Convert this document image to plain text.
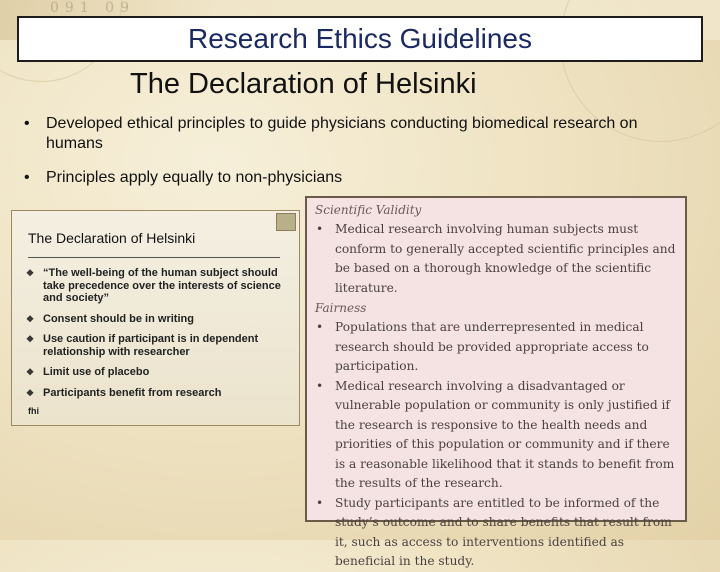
091 09
Research Ethics Guidelines
The Declaration of Helsinki
• Developed ethical principles to guide physicians conducting biomedical research on humans
• Principles apply equally to non-physicians
The Declaration of Helsinki
❖ “The well-being of the human subject should take precedence over the interests of science and society”
❖ Consent should be in writing
❖ Use caution if participant is in dependent relationship with researcher
❖ Limit use of placebo
❖ Participants benefit from research
fhi
Scientific Validity
• Medical research involving human subjects must conform to generally accepted scientific principles and be based on a thorough knowledge of the scientific literature.
Fairness
• Populations that are underrepresented in medical research should be provided appropriate access to participation.
• Medical research involving a disadvantaged or vulnerable population or community is only justified if the research is responsive to the health needs and priorities of this population or community and if there is a reasonable likelihood that it stands to benefit from the results of the research.
• Study participants are entitled to be informed of the study’s outcome and to share benefits that result from it, such as access to interventions identified as beneficial in the study.
